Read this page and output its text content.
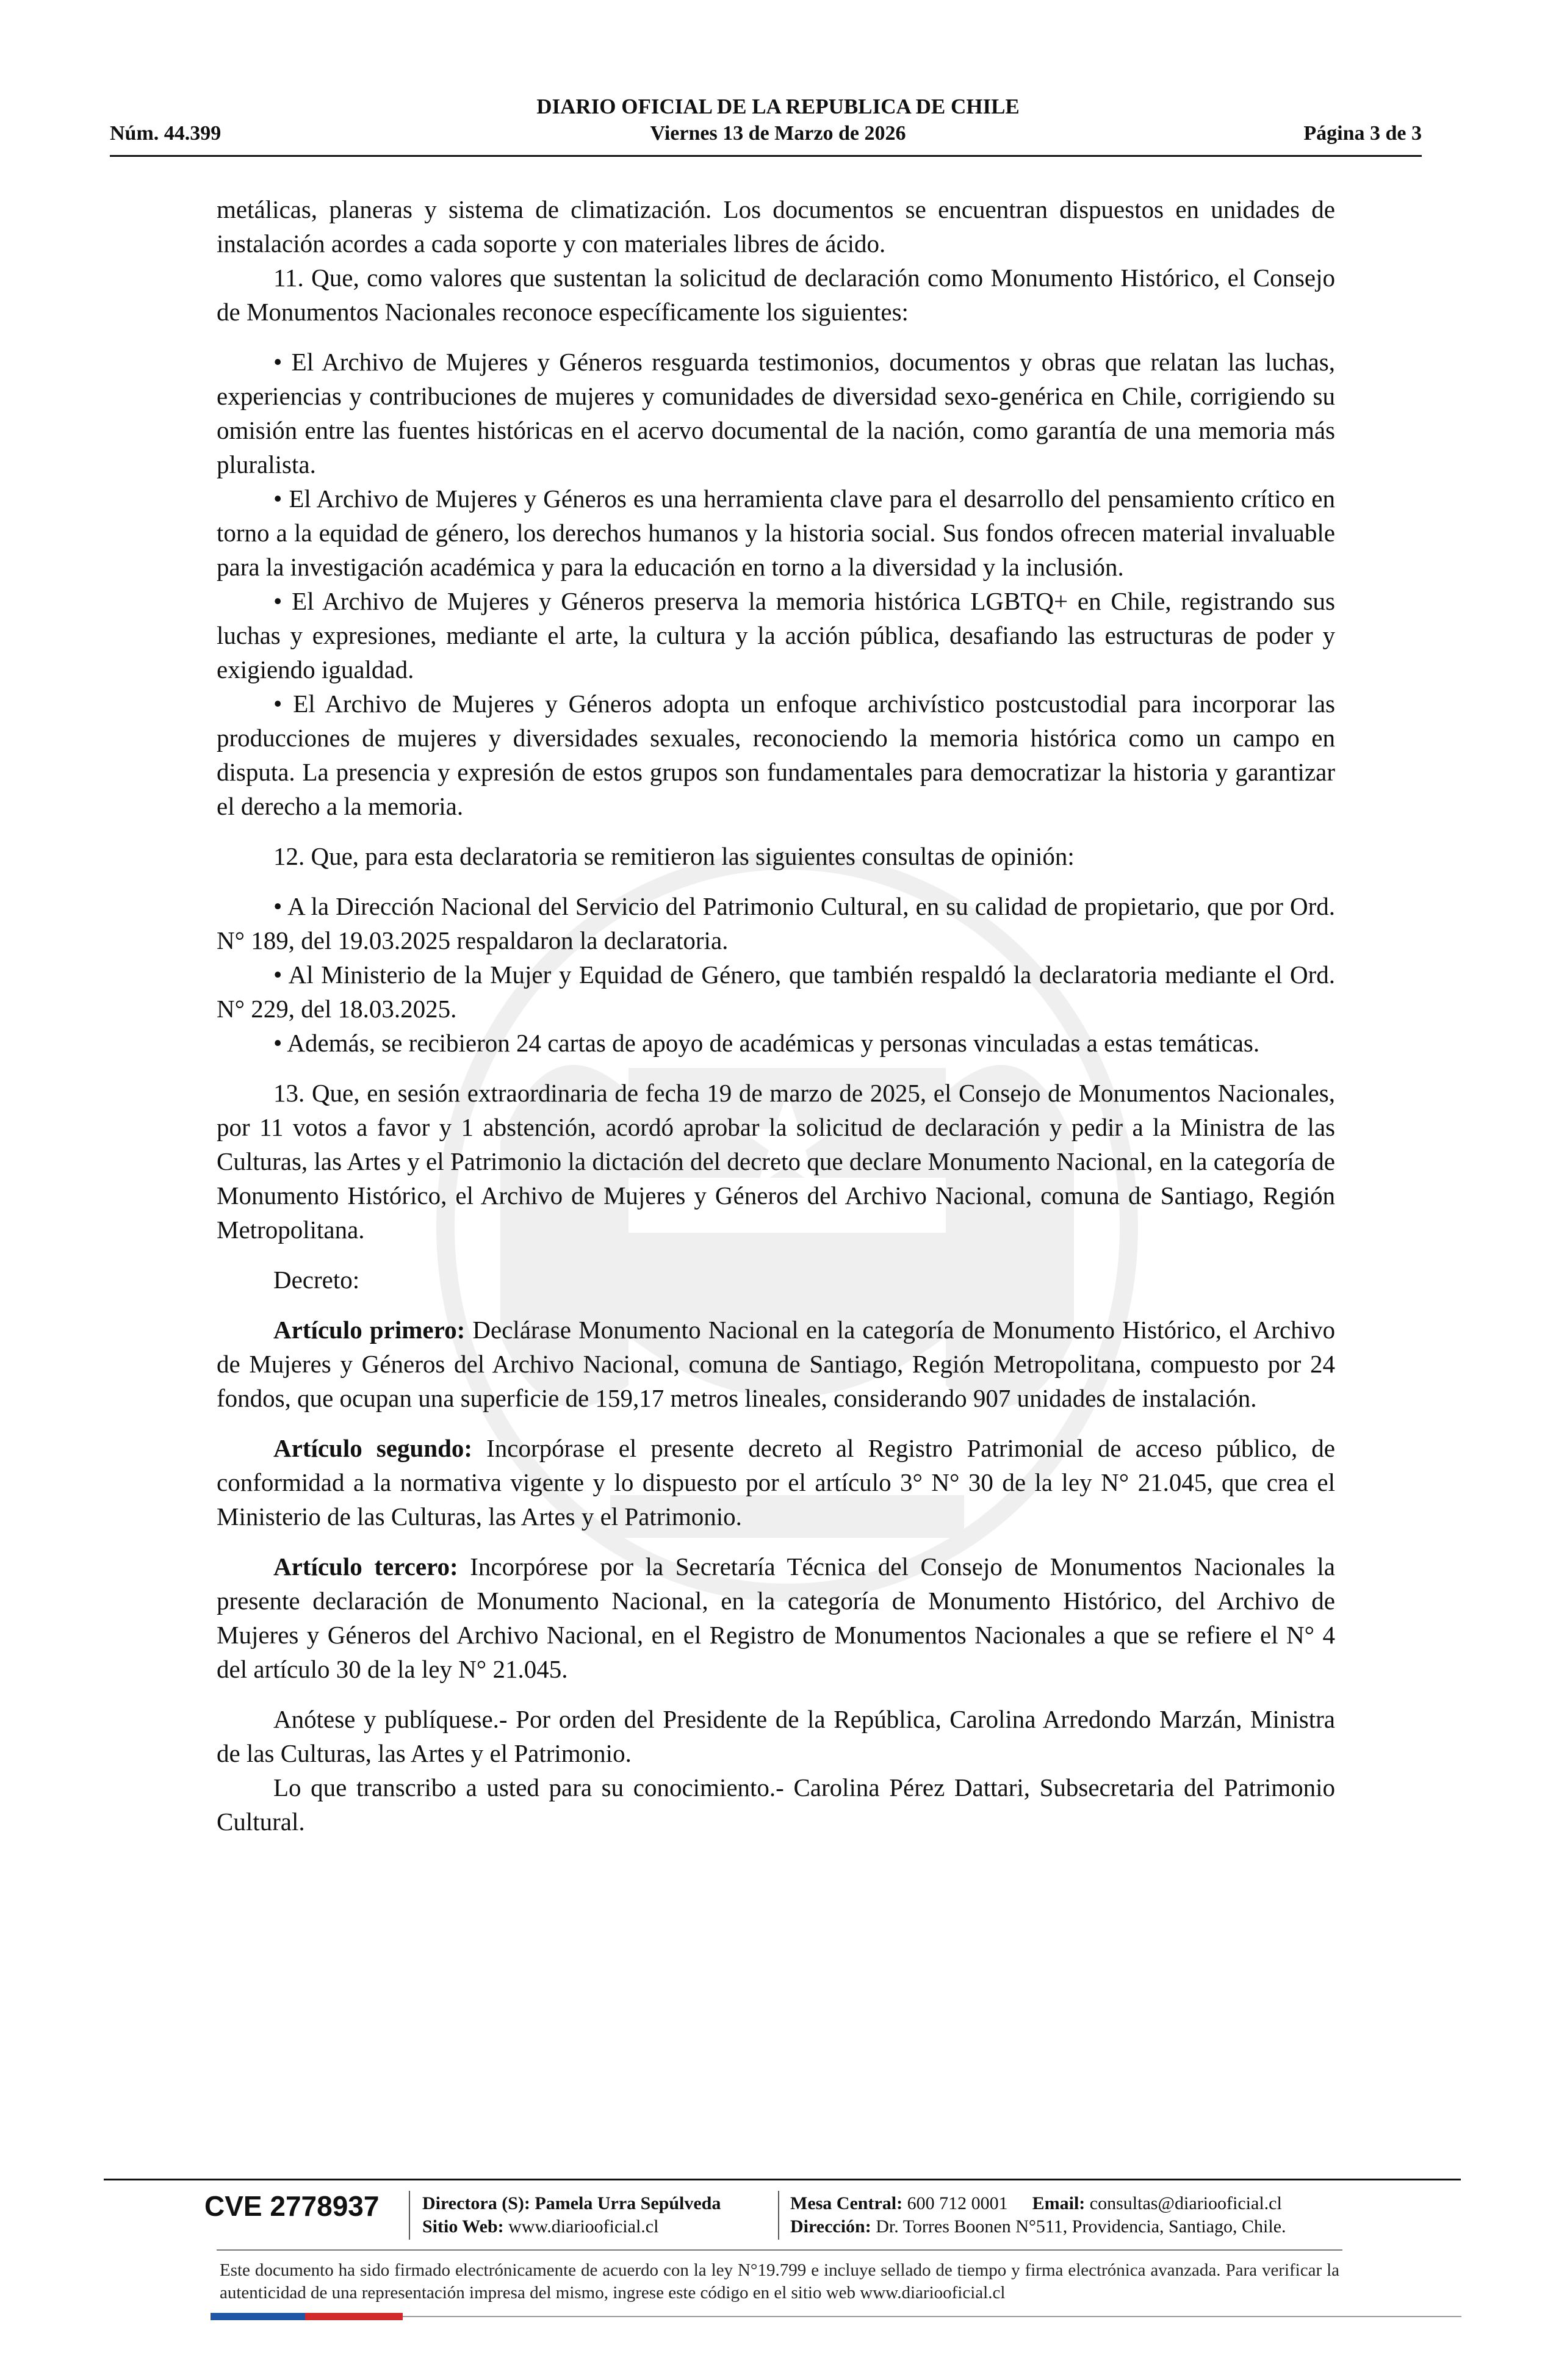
DIARIO OFICIAL DE LA REPUBLICA DE CHILE
Núm. 44.399	Viernes 13 de Marzo de 2026	Página 3 de 3

metálicas, planeras y sistema de climatización. Los documentos se encuentran dispuestos en unidades de instalación acordes a cada soporte y con materiales libres de ácido.

11. Que, como valores que sustentan la solicitud de declaración como Monumento Histórico, el Consejo de Monumentos Nacionales reconoce específicamente los siguientes:

• El Archivo de Mujeres y Géneros resguarda testimonios, documentos y obras que relatan las luchas, experiencias y contribuciones de mujeres y comunidades de diversidad sexo-genérica en Chile, corrigiendo su omisión entre las fuentes históricas en el acervo documental de la nación, como garantía de una memoria más pluralista.

• El Archivo de Mujeres y Géneros es una herramienta clave para el desarrollo del pensamiento crítico en torno a la equidad de género, los derechos humanos y la historia social. Sus fondos ofrecen material invaluable para la investigación académica y para la educación en torno a la diversidad y la inclusión.

• El Archivo de Mujeres y Géneros preserva la memoria histórica LGBTQ+ en Chile, registrando sus luchas y expresiones, mediante el arte, la cultura y la acción pública, desafiando las estructuras de poder y exigiendo igualdad.

• El Archivo de Mujeres y Géneros adopta un enfoque archivístico postcustodial para incorporar las producciones de mujeres y diversidades sexuales, reconociendo la memoria histórica como un campo en disputa. La presencia y expresión de estos grupos son fundamentales para democratizar la historia y garantizar el derecho a la memoria.

12. Que, para esta declaratoria se remitieron las siguientes consultas de opinión:

• A la Dirección Nacional del Servicio del Patrimonio Cultural, en su calidad de propietario, que por Ord. N° 189, del 19.03.2025 respaldaron la declaratoria.

• Al Ministerio de la Mujer y Equidad de Género, que también respaldó la declaratoria mediante el Ord. N° 229, del 18.03.2025.

• Además, se recibieron 24 cartas de apoyo de académicas y personas vinculadas a estas temáticas.

13. Que, en sesión extraordinaria de fecha 19 de marzo de 2025, el Consejo de Monumentos Nacionales, por 11 votos a favor y 1 abstención, acordó aprobar la solicitud de declaración y pedir a la Ministra de las Culturas, las Artes y el Patrimonio la dictación del decreto que declare Monumento Nacional, en la categoría de Monumento Histórico, el Archivo de Mujeres y Géneros del Archivo Nacional, comuna de Santiago, Región Metropolitana.

Decreto:

Artículo primero: Declárase Monumento Nacional en la categoría de Monumento Histórico, el Archivo de Mujeres y Géneros del Archivo Nacional, comuna de Santiago, Región Metropolitana, compuesto por 24 fondos, que ocupan una superficie de 159,17 metros lineales, considerando 907 unidades de instalación.

Artículo segundo: Incorpórase el presente decreto al Registro Patrimonial de acceso público, de conformidad a la normativa vigente y lo dispuesto por el artículo 3° N° 30 de la ley N° 21.045, que crea el Ministerio de las Culturas, las Artes y el Patrimonio.

Artículo tercero: Incorpórese por la Secretaría Técnica del Consejo de Monumentos Nacionales la presente declaración de Monumento Nacional, en la categoría de Monumento Histórico, del Archivo de Mujeres y Géneros del Archivo Nacional, en el Registro de Monumentos Nacionales a que se refiere el N° 4 del artículo 30 de la ley N° 21.045.

Anótese y publíquese.- Por orden del Presidente de la República, Carolina Arredondo Marzán, Ministra de las Culturas, las Artes y el Patrimonio.

Lo que transcribo a usted para su conocimiento.- Carolina Pérez Dattari, Subsecretaria del Patrimonio Cultural.

CVE 2778937 Directora (S): Pamela Urra Sepúlveda
Sitio Web: www.diariooficial.cl
Mesa Central: 600 712 0001 Email: consultas@diariooficial.cl
Dirección: Dr. Torres Boonen N°511, Providencia, Santiago, Chile.
Este documento ha sido firmado electrónicamente de acuerdo con la ley N°19.799 e incluye sellado de tiempo y firma electrónica avanzada. Para verificar la autenticidad de una representación impresa del mismo, ingrese este código en el sitio web www.diariooficial.cl
